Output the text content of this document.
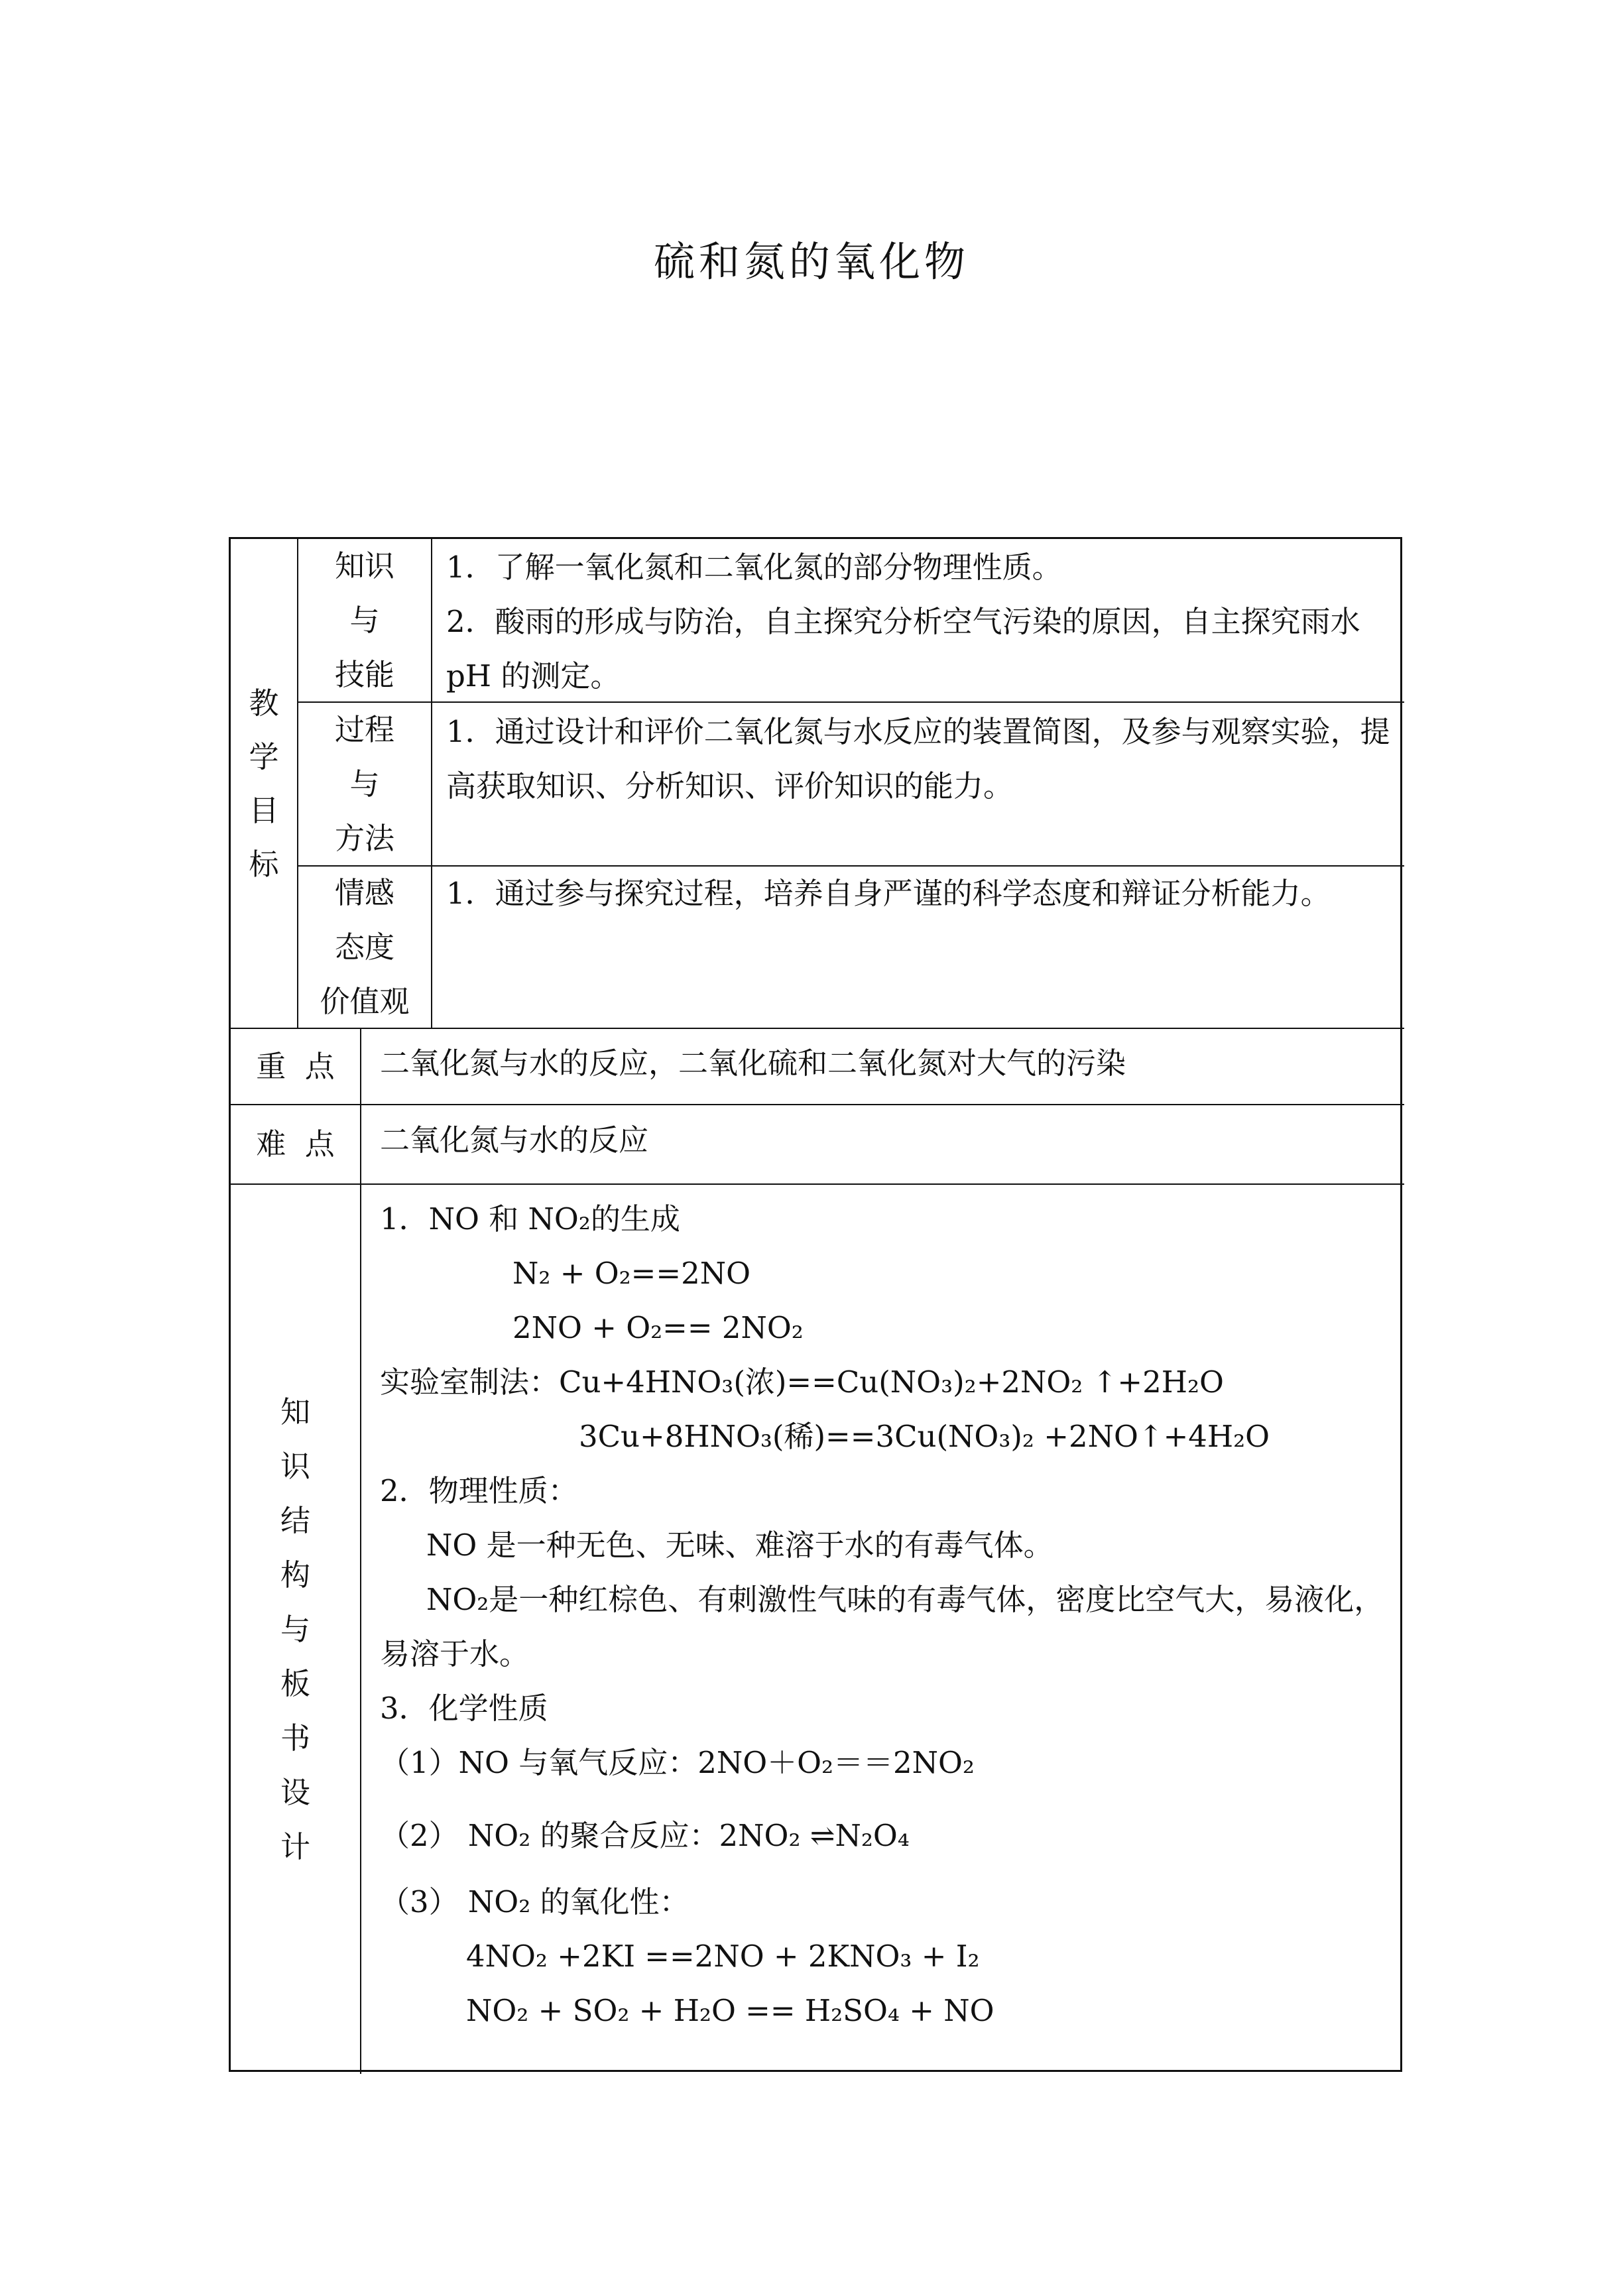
硫和氮的氧化物
教
学
目
标
知识
与
技能

1．了解一氧化氮和二氧化氮的部分物理性质。

2．酸雨的形成与防治，自主探究分析空气污染的原因，自主探究雨水 pH 的测定。

过程
与
方法

1．通过设计和评价二氧化氮与水反应的装置简图，及参与观察实验，提高获取知识、分析知识、评价知识的能力。

情感
态度
价值观

1．通过参与探究过程，培养自身严谨的科学态度和辩证分析能力。

重  点	二氧化氮与水的反应，二氧化硫和二氧化氮对大气的污染
难  点	二氧化氮与水的反应
知
识
结
构
与
板
书
设
计

1．NO 和 NO₂的生成

N₂ + O₂==2NO

2NO + O₂== 2NO₂

实验室制法：Cu+4HNO₃(浓)==Cu(NO₃)₂+2NO₂ ↑+2H₂O

3Cu+8HNO₃(稀)==3Cu(NO₃)₂ +2NO↑+4H₂O

2．物理性质：

NO 是一种无色、无味、难溶于水的有毒气体。

NO₂是一种红棕色、有刺激性气味的有毒气体，密度比空气大，易液化，易溶于水。

3．化学性质

（1）NO 与氧气反应：2NO＋O₂＝＝2NO₂

（2） NO₂ 的聚合反应：2NO₂ ⇌N₂O₄

（3） NO₂ 的氧化性：

4NO₂ +2KI ==2NO + 2KNO₃ + I₂

NO₂ + SO₂ + H₂O == H₂SO₄ + NO
